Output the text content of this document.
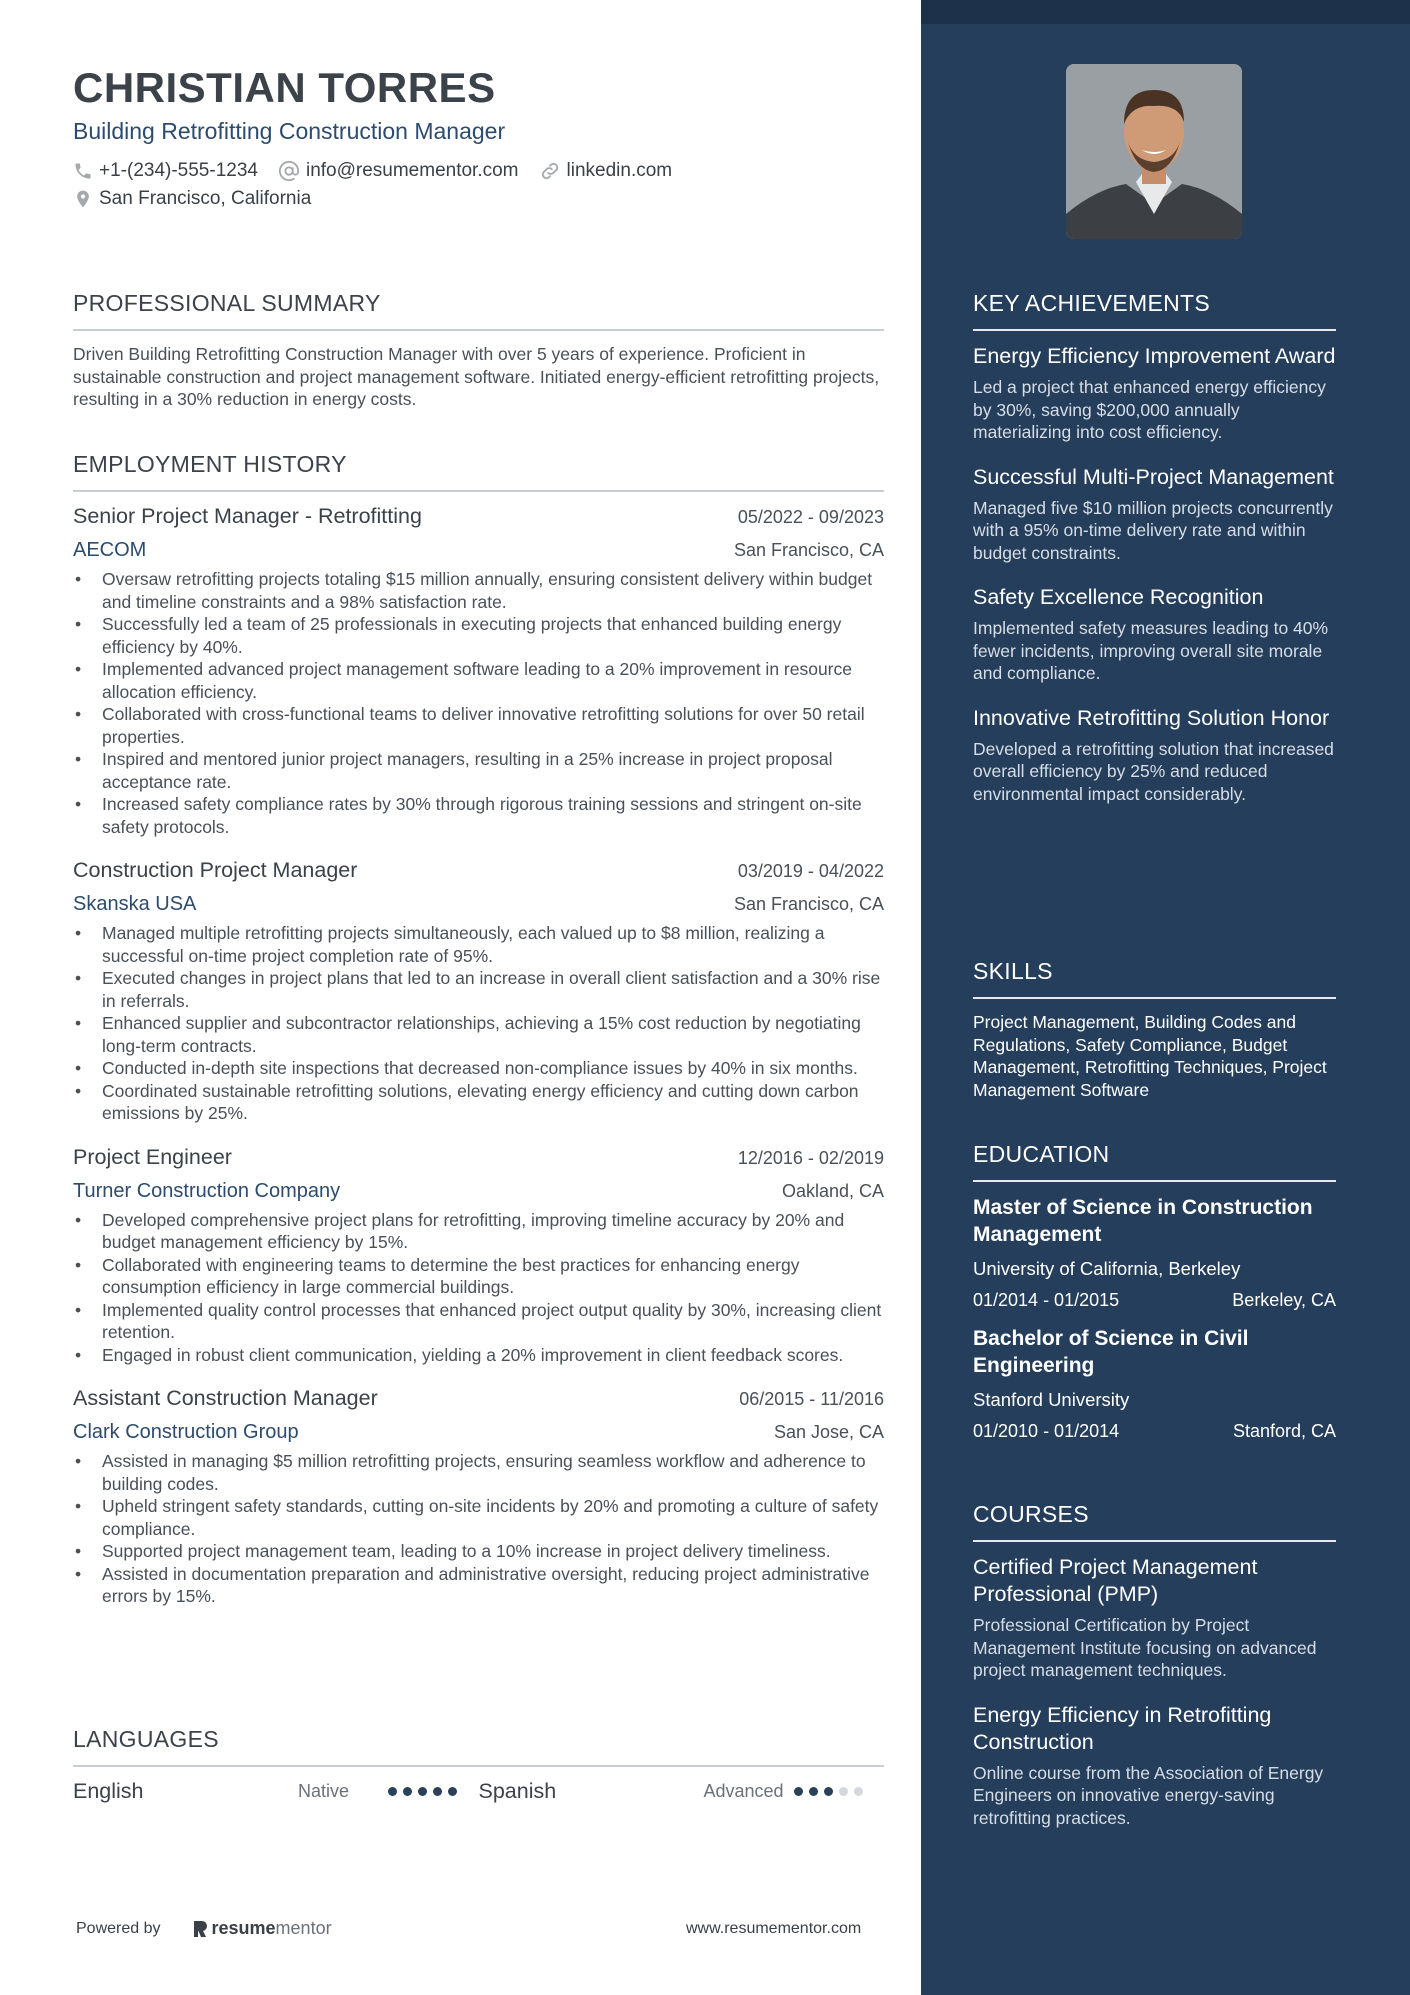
CHRISTIAN TORRES
Building Retrofitting Construction Manager
+1-(234)-555-1234	info@resumementor.com	linkedin.com
San Francisco, California
PROFESSIONAL SUMMARY
Driven Building Retrofitting Construction Manager with over 5 years of experience. Proficient in sustainable construction and project management software. Initiated energy-efficient retrofitting projects, resulting in a 30% reduction in energy costs.
EMPLOYMENT HISTORY
Senior Project Manager - Retrofitting	05/2022 - 09/2023
AECOM	San Francisco, CA
• Oversaw retrofitting projects totaling $15 million annually, ensuring consistent delivery within budget and timeline constraints and a 98% satisfaction rate.
• Successfully led a team of 25 professionals in executing projects that enhanced building energy efficiency by 40%.
• Implemented advanced project management software leading to a 20% improvement in resource allocation efficiency.
• Collaborated with cross-functional teams to deliver innovative retrofitting solutions for over 50 retail properties.
• Inspired and mentored junior project managers, resulting in a 25% increase in project proposal acceptance rate.
• Increased safety compliance rates by 30% through rigorous training sessions and stringent on-site safety protocols.
Construction Project Manager	03/2019 - 04/2022
Skanska USA	San Francisco, CA
• Managed multiple retrofitting projects simultaneously, each valued up to $8 million, realizing a successful on-time project completion rate of 95%.
• Executed changes in project plans that led to an increase in overall client satisfaction and a 30% rise in referrals.
• Enhanced supplier and subcontractor relationships, achieving a 15% cost reduction by negotiating long-term contracts.
• Conducted in-depth site inspections that decreased non-compliance issues by 40% in six months.
• Coordinated sustainable retrofitting solutions, elevating energy efficiency and cutting down carbon emissions by 25%.
Project Engineer	12/2016 - 02/2019
Turner Construction Company	Oakland, CA
• Developed comprehensive project plans for retrofitting, improving timeline accuracy by 20% and budget management efficiency by 15%.
• Collaborated with engineering teams to determine the best practices for enhancing energy consumption efficiency in large commercial buildings.
• Implemented quality control processes that enhanced project output quality by 30%, increasing client retention.
• Engaged in robust client communication, yielding a 20% improvement in client feedback scores.
Assistant Construction Manager	06/2015 - 11/2016
Clark Construction Group	San Jose, CA
• Assisted in managing $5 million retrofitting projects, ensuring seamless workflow and adherence to building codes.
• Upheld stringent safety standards, cutting on-site incidents by 20% and promoting a culture of safety compliance.
• Supported project management team, leading to a 10% increase in project delivery timeliness.
• Assisted in documentation preparation and administrative oversight, reducing project administrative errors by 15%.
LANGUAGES
English	Native	Spanish	Advanced
Powered by	resume mentor	www.resumementor.com
KEY ACHIEVEMENTS
Energy Efficiency Improvement Award
Led a project that enhanced energy efficiency by 30%, saving $200,000 annually materializing into cost efficiency.
Successful Multi-Project Management
Managed five $10 million projects concurrently with a 95% on-time delivery rate and within budget constraints.
Safety Excellence Recognition
Implemented safety measures leading to 40% fewer incidents, improving overall site morale and compliance.
Innovative Retrofitting Solution Honor
Developed a retrofitting solution that increased overall efficiency by 25% and reduced environmental impact considerably.
SKILLS
Project Management, Building Codes and Regulations, Safety Compliance, Budget Management, Retrofitting Techniques, Project Management Software
EDUCATION
Master of Science in Construction Management
University of California, Berkeley
01/2014 - 01/2015	Berkeley, CA
Bachelor of Science in Civil Engineering
Stanford University
01/2010 - 01/2014	Stanford, CA
COURSES
Certified Project Management Professional (PMP)
Professional Certification by Project Management Institute focusing on advanced project management techniques.
Energy Efficiency in Retrofitting Construction
Online course from the Association of Energy Engineers on innovative energy-saving retrofitting practices.
